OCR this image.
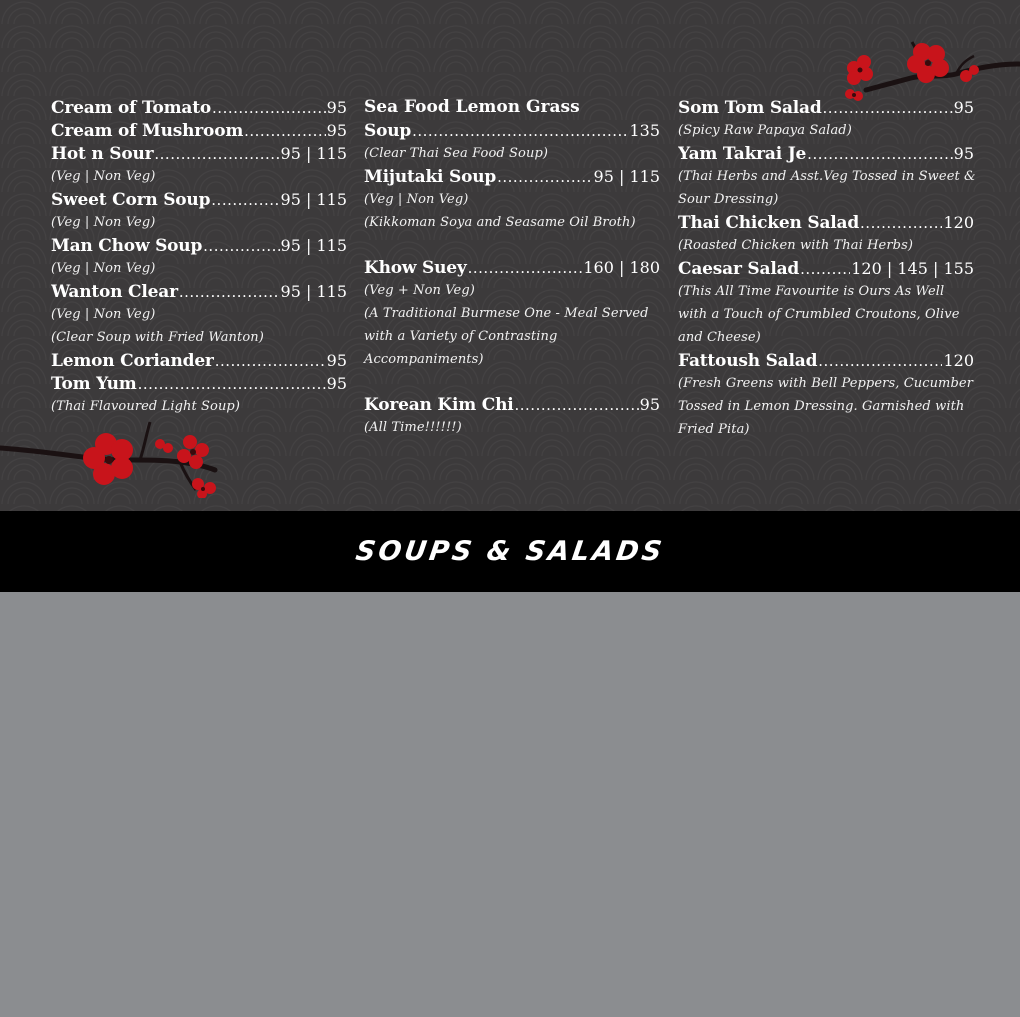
Cream of Tomato .....	95
Cream of Mushroom .....	95
Hot n Sour .....	95 | 115
(Veg | Non Veg)
Sweet Corn Soup .....	95 | 115
(Veg | Non Veg)
Man Chow Soup .....	95 | 115
(Veg | Non Veg)
Wanton Clear .....	95 | 115
(Veg | Non Veg)
(Clear Soup with Fried Wanton)
Lemon Coriander .....	95
Tom Yum .....	95
(Thai Flavoured Light Soup)
Sea Food Lemon Grass
Soup .....	135
(Clear Thai Sea Food Soup)
Mijutaki Soup .....	95 | 115
(Veg | Non Veg)
(Kikkoman Soya and Seasame Oil Broth)
Khow Suey .....	160 | 180
(Veg + Non Veg)
(A Traditional Burmese One - Meal Served
with a Variety of Contrasting
Accompaniments)
Korean Kim Chi .....	95
(All Time!!!!!!)
Som Tom Salad .....	95
(Spicy Raw Papaya Salad)
Yam Takrai Je .....	95
(Thai Herbs and Asst.Veg Tossed in Sweet &
Sour Dressing)
Thai Chicken Salad .....	120
(Roasted Chicken with Thai Herbs)
Caesar Salad .....	120 | 145 | 155
(This All Time Favourite is Ours As Well
with a Touch of Crumbled Croutons, Olive
and Cheese)
Fattoush Salad .....	120
(Fresh Greens with Bell Peppers, Cucumber
Tossed in Lemon Dressing. Garnished with
Fried Pita)
SOUPS & SALADS
